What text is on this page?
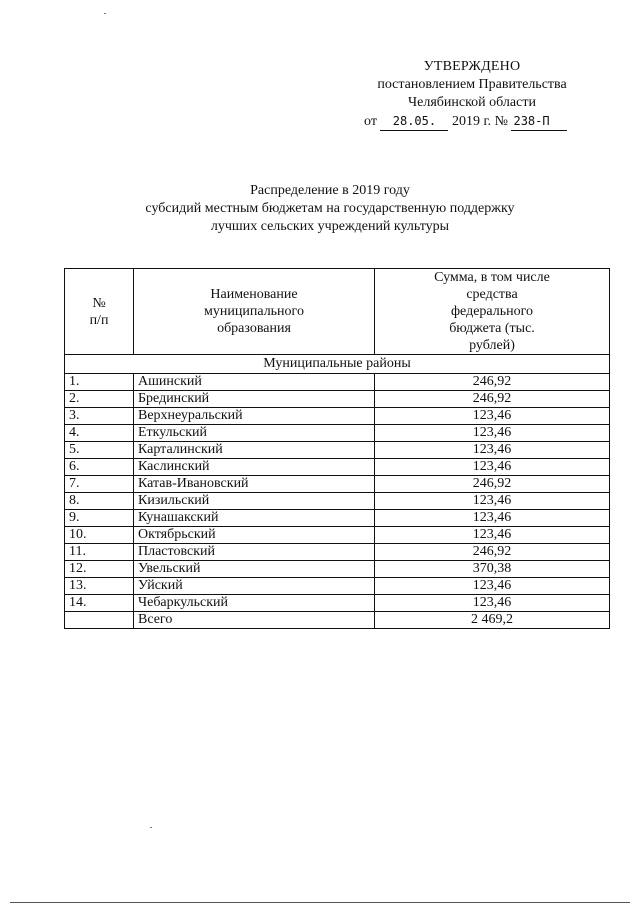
УТВЕРЖДЕНО
постановлением Правительства
Челябинской области
от 28.05. 2019 г. № 238-П
Распределение в 2019 году
субсидий местным бюджетам на государственную поддержку
лучших сельских учреждений культуры
№
п/п	Наименование муниципального образования	Сумма, в том числе средства федерального бюджета (тыс. рублей)
Муниципальные районы		
1.	Ашинский	246,92
2.	Брединский	246,92
3.	Верхнеуральский	123,46
4.	Еткульский	123,46
5.	Карталинский	123,46
6.	Каслинский	123,46
7.	Катав-Ивановский	246,92
8.	Кизильский	123,46
9.	Кунашакский	123,46
10.	Октябрьский	123,46
11.	Пластовский	246,92
12.	Увельский	370,38
13.	Уйский	123,46
14.	Чебаркульский	123,46
	Всего	2 469,2
